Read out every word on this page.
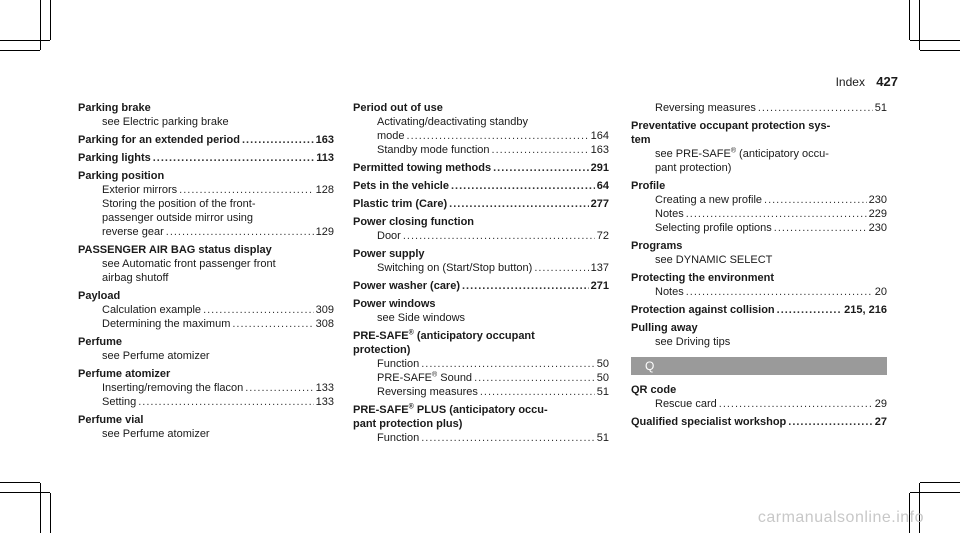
Index 427
Parking brake
see Electric parking brake
Parking for an extended period .....	163
Parking lights .....	113
Parking position
Exterior mirrors .....	128
Storing the position of the front-
passenger outside mirror using
reverse gear .....	129
PASSENGER AIR BAG status display
see Automatic front passenger front
airbag shutoff
Payload
Calculation example .....	309
Determining the maximum .....	308
Perfume
see Perfume atomizer
Perfume atomizer
Inserting/removing the flacon .....	133
Setting .....	133
Perfume vial
see Perfume atomizer
Period out of use
Activating/deactivating standby
mode .....	164
Standby mode function .....	163
Permitted towing methods .....	291
Pets in the vehicle .....	64
Plastic trim (Care) .....	277
Power closing function
Door .....	72
Power supply
Switching on (Start/Stop button) .....	137
Power washer (care) .....	271
Power windows
see Side windows
PRE-SAFE® (anticipatory occupant
protection)
Function .....	50
PRE-SAFE® Sound .....	50
Reversing measures .....	51
PRE-SAFE® PLUS (anticipatory occu-
pant protection plus)
Function .....	51
Reversing measures .....	51
Preventative occupant protection sys-
tem
see PRE-SAFE® (anticipatory occu-
pant protection)
Profile
Creating a new profile .....	230
Notes .....	229
Selecting profile options .....	230
Programs
see DYNAMIC SELECT
Protecting the environment
Notes .....	20
Protection against collision .....	215, 216
Pulling away
see Driving tips
Q
QR code
Rescue card .....	29
Qualified specialist workshop .....	27
carmanualsonline.info
